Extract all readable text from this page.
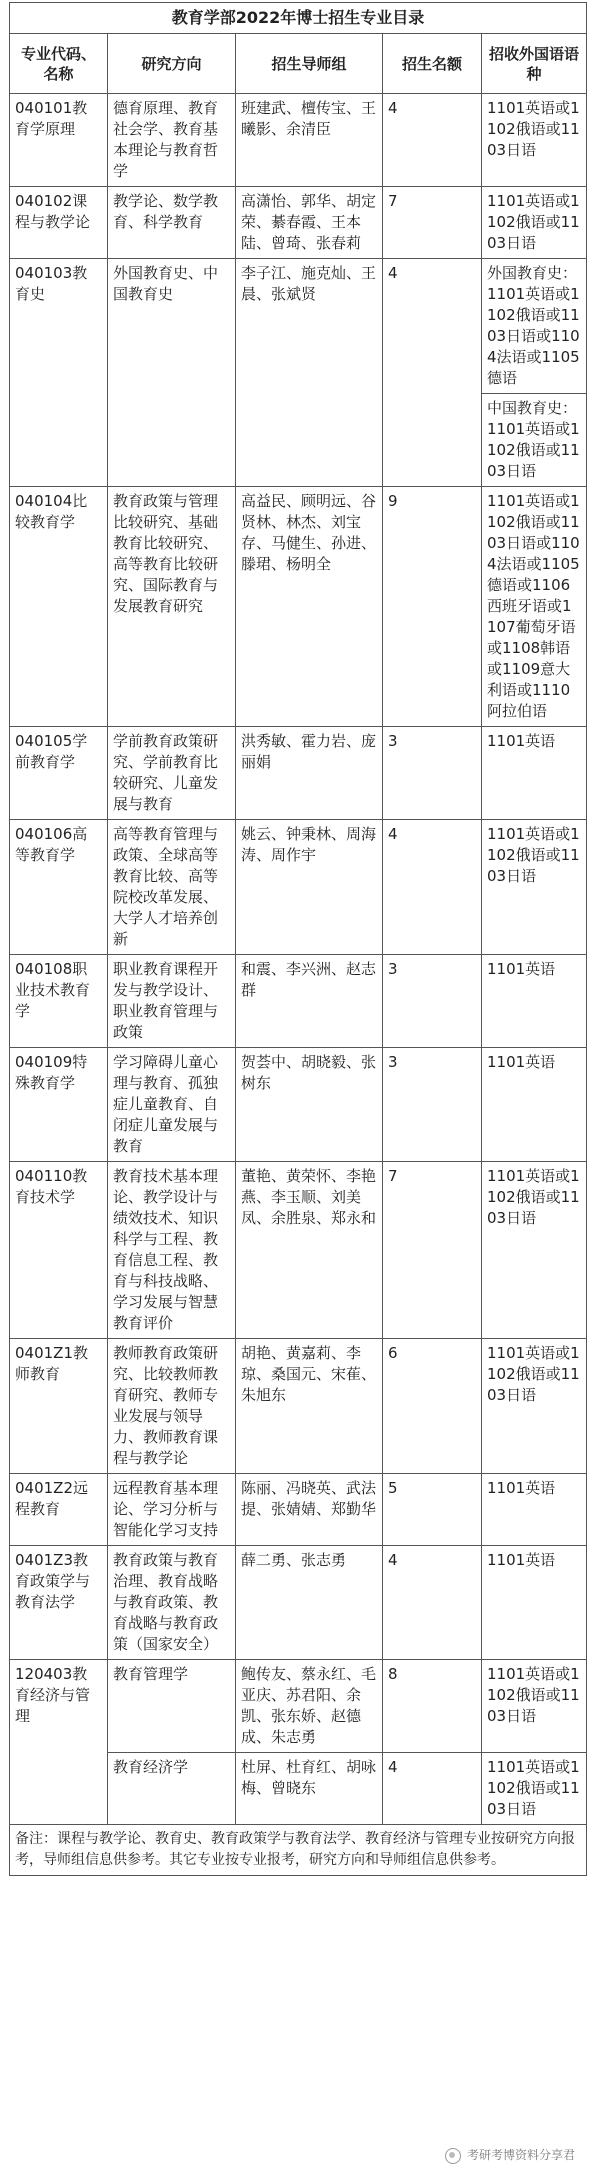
教育学部2022年博士招生专业目录				
专业代码、名称	研究方向	招生导师组	招生名额	招收外国语语种
040101教育学原理	德育原理、教育社会学、教育基本理论与教育哲学	班建武、檀传宝、王曦影、余清臣	4	1101英语或1102俄语或1103日语
040102课程与教学论	教学论、数学教育、科学教育	高潇怡、郭华、胡定荣、綦春霞、王本陆、曾琦、张春莉	7	1101英语或1102俄语或1103日语
040103教育史	外国教育史、中国教育史	李子江、施克灿、王晨、张斌贤	4	外国教育史：1101英语或1102俄语或1103日语或1104法语或1105德语
				中国教育史：1101英语或1102俄语或1103日语
040104比较教育学	教育政策与管理比较研究、基础教育比较研究、高等教育比较研究、国际教育与发展教育研究	高益民、顾明远、谷贤林、林杰、刘宝存、马健生、孙进、滕珺、杨明全	9	1101英语或1102俄语或1103日语或1104法语或1105德语或1106西班牙语或1107葡萄牙语或1108韩语或1109意大利语或1110阿拉伯语
040105学前教育学	学前教育政策研究、学前教育比较研究、儿童发展与教育	洪秀敏、霍力岩、庞丽娟	3	1101英语
040106高等教育学	高等教育管理与政策、全球高等教育比较、高等院校改革发展、大学人才培养创新	姚云、钟秉林、周海涛、周作宇	4	1101英语或1102俄语或1103日语
040108职业技术教育学	职业教育课程开发与教学设计、职业教育管理与政策	和震、李兴洲、赵志群	3	1101英语
040109特殊教育学	学习障碍儿童心理与教育、孤独症儿童教育、自闭症儿童发展与教育	贺荟中、胡晓毅、张树东	3	1101英语
040110教育技术学	教育技术基本理论、教学设计与绩效技术、知识科学与工程、教育信息工程、教育与科技战略、学习发展与智慧教育评价	董艳、黄荣怀、李艳燕、李玉顺、刘美凤、余胜泉、郑永和	7	1101英语或1102俄语或1103日语
0401Z1教师教育	教师教育政策研究、比较教师教育研究、教师专业发展与领导力、教师教育课程与教学论	胡艳、黄嘉莉、李琼、桑国元、宋萑、朱旭东	6	1101英语或1102俄语或1103日语
0401Z2远程教育	远程教育基本理论、学习分析与智能化学习支持	陈丽、冯晓英、武法提、张婧婧、郑勤华	5	1101英语
0401Z3教育政策学与教育法学	教育政策与教育治理、教育战略与教育政策、教育战略与教育政策（国家安全）	薛二勇、张志勇	4	1101英语
120403教育经济与管理	教育管理学	鲍传友、蔡永红、毛亚庆、苏君阳、余凯、张东娇、赵德成、朱志勇	8	1101英语或1102俄语或1103日语
	教育经济学	杜屏、杜育红、胡咏梅、曾晓东	4	1101英语或1102俄语或1103日语
备注：课程与教学论、教育史、教育政策学与教育法学、教育经济与管理专业按研究方向报考，导师组信息供参考。其它专业按专业报考，研究方向和导师组信息供参考。				
考研考博资料分享君
